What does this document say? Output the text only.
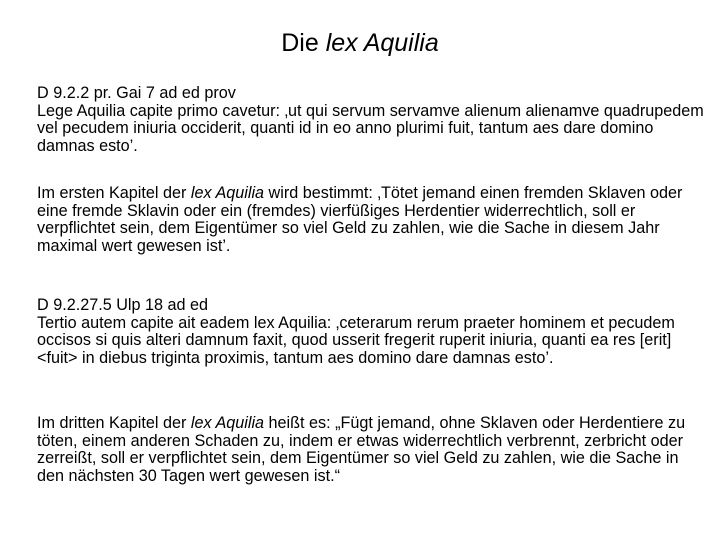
Die lex Aquilia

D 9.2.2 pr. Gai 7 ad ed prov

Lege Aquilia capite primo cavetur: ‚ut qui servum servamve alienum alienamve quadrupedem vel pecudem iniuria occiderit, quanti id in eo anno plurimi fuit, tantum aes dare domino damnas esto’.

Im ersten Kapitel der lex Aquilia wird bestimmt: ‚Tötet jemand einen fremden Sklaven oder eine fremde Sklavin oder ein (fremdes) vierfüßiges Herdentier widerrechtlich, soll er verpflichtet sein, dem Eigentümer so viel Geld zu zahlen, wie die Sache in diesem Jahr maximal wert gewesen ist’.

D 9.2.27.5 Ulp 18 ad ed

Tertio autem capite ait eadem lex Aquilia: ‚ceterarum rerum praeter hominem et pecudem occisos si quis alteri damnum faxit, quod usserit fregerit ruperit iniuria, quanti ea res [erit] <fuit> in diebus triginta proximis, tantum aes domino dare damnas esto’.

Im dritten Kapitel der lex Aquilia heißt es: „Fügt jemand, ohne Sklaven oder Herdentiere zu töten, einem anderen Schaden zu, indem er etwas widerrechtlich verbrennt, zerbricht oder zerreißt, soll er verpflichtet sein, dem Eigentümer so viel Geld zu zahlen, wie die Sache in den nächsten 30 Tagen wert gewesen ist.“
